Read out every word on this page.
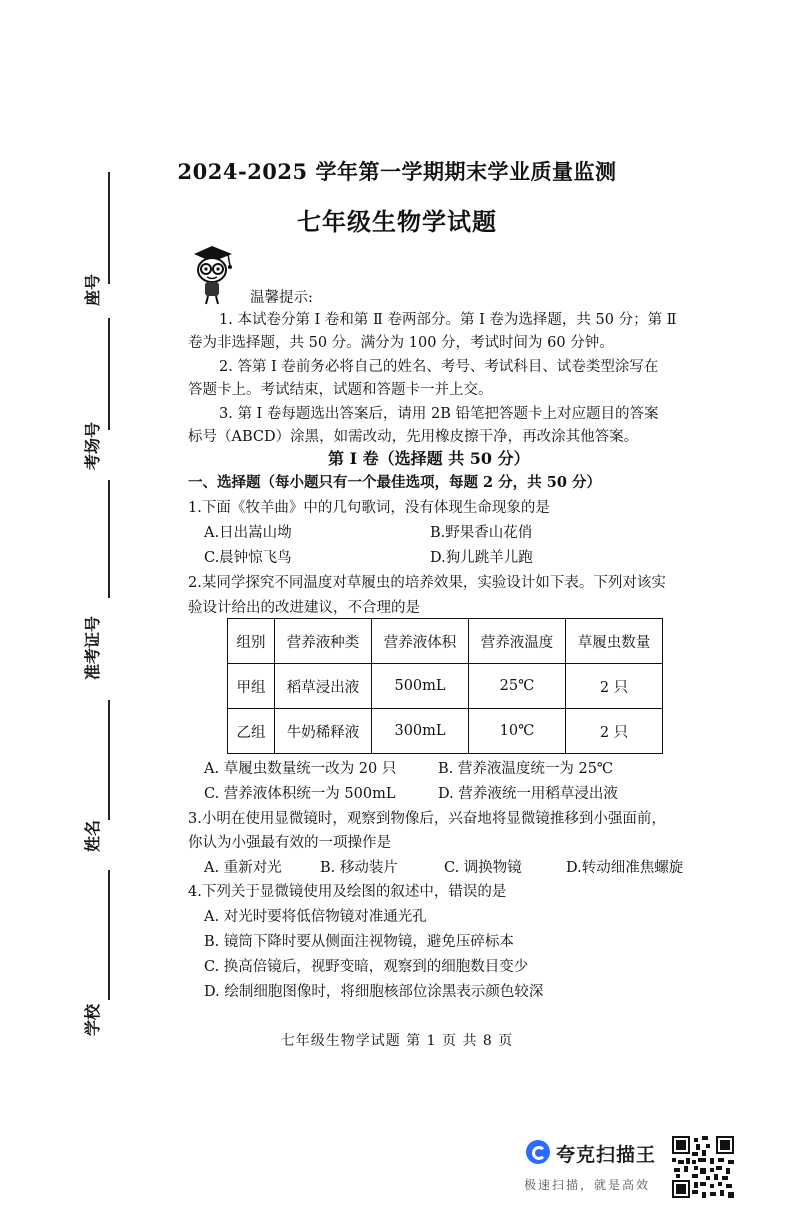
座号
考场号
准考证号
姓名
学校
2024-2025 学年第一学期期末学业质量监测
七年级生物学试题
温馨提示:
1. 本试卷分第 Ⅰ 卷和第 Ⅱ 卷两部分。第 Ⅰ 卷为选择题，共 50 分；第 Ⅱ
卷为非选择题，共 50 分。满分为 100 分，考试时间为 60 分钟。
2. 答第 Ⅰ 卷前务必将自己的姓名、考号、考试科目、试卷类型涂写在
答题卡上。考试结束，试题和答题卡一并上交。
3. 第 Ⅰ 卷每题选出答案后，请用 2B 铅笔把答题卡上对应题目的答案
标号（ABCD）涂黑，如需改动，先用橡皮擦干净，再改涂其他答案。
第 Ⅰ 卷（选择题 共 50 分）
一、选择题（每小题只有一个最佳选项，每题 2 分，共 50 分）
1.下面《牧羊曲》中的几句歌词，没有体现生命现象的是
A.日出嵩山坳	B.野果香山花俏
C.晨钟惊飞鸟	D.狗儿跳羊儿跑
2.某同学探究不同温度对草履虫的培养效果，实验设计如下表。下列对该实
验设计给出的改进建议，不合理的是
组别	营养液种类	营养液体积	营养液温度	草履虫数量
甲组	稻草浸出液	500mL	25℃	2 只
乙组	牛奶稀释液	300mL	10℃	2 只
A. 草履虫数量统一改为 20 只	B. 营养液温度统一为 25℃
C. 营养液体积统一为 500mL	D. 营养液统一用稻草浸出液
3.小明在使用显微镜时，观察到物像后，兴奋地将显微镜推移到小强面前，
你认为小强最有效的一项操作是
A. 重新对光	B. 移动装片	C. 调换物镜	D.转动细准焦螺旋
4.下列关于显微镜使用及绘图的叙述中，错误的是
A. 对光时要将低倍物镜对准通光孔
B. 镜筒下降时要从侧面注视物镜，避免压碎标本
C. 换高倍镜后，视野变暗，观察到的细胞数目变少
D. 绘制细胞图像时，将细胞核部位涂黑表示颜色较深
七年级生物学试题 第 1 页 共 8 页
夸克扫描王
极速扫描，就是高效
